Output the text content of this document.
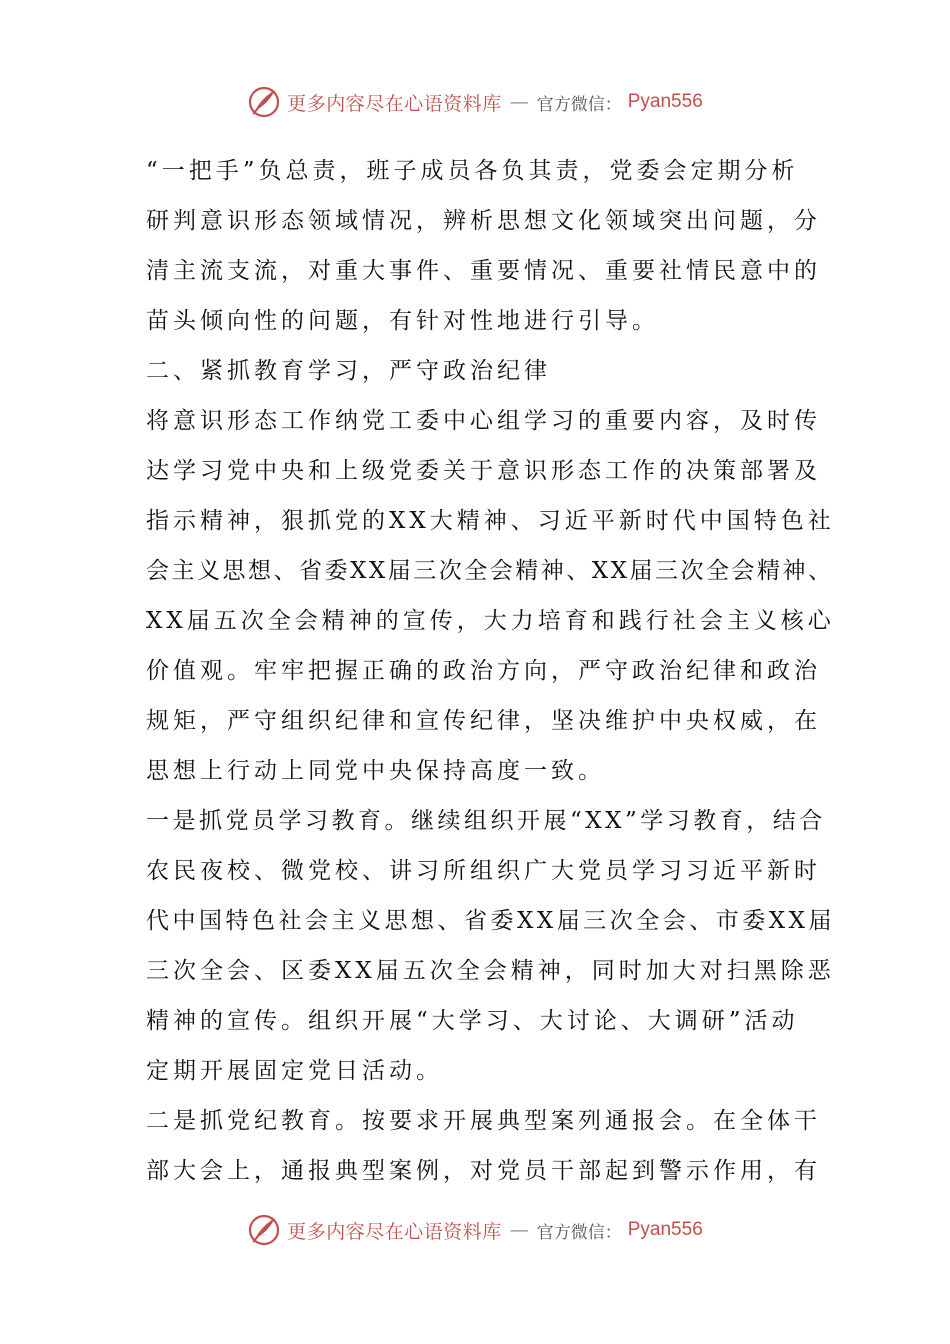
更多内容尽在心语资料库 — 官方微信： Pyan556
“一把手”负总责，班子成员各负其责，党委会定期分析
研判意识形态领域情况，辨析思想文化领域突出问题，分
清主流支流，对重大事件、重要情况、重要社情民意中的
苗头倾向性的问题，有针对性地进行引导。
二、紧抓教育学习，严守政治纪律
将意识形态工作纳党工委中心组学习的重要内容，及时传
达学习党中央和上级党委关于意识形态工作的决策部署及
指示精神，狠抓党的XX大精神、习近平新时代中国特色社
会主义思想、省委XX届三次全会精神、XX届三次全会精神、
XX届五次全会精神的宣传，大力培育和践行社会主义核心
价值观。牢牢把握正确的政治方向，严守政治纪律和政治
规矩，严守组织纪律和宣传纪律，坚决维护中央权威，在
思想上行动上同党中央保持高度一致。
一是抓党员学习教育。继续组织开展“XX”学习教育，结合
农民夜校、微党校、讲习所组织广大党员学习习近平新时
代中国特色社会主义思想、省委XX届三次全会、市委XX届
三次全会、区委XX届五次全会精神，同时加大对扫黑除恶
精神的宣传。组织开展“大学习、大讨论、大调研”活动
定期开展固定党日活动。
二是抓党纪教育。按要求开展典型案列通报会。在全体干
部大会上，通报典型案例，对党员干部起到警示作用，有
更多内容尽在心语资料库 — 官方微信： Pyan556
